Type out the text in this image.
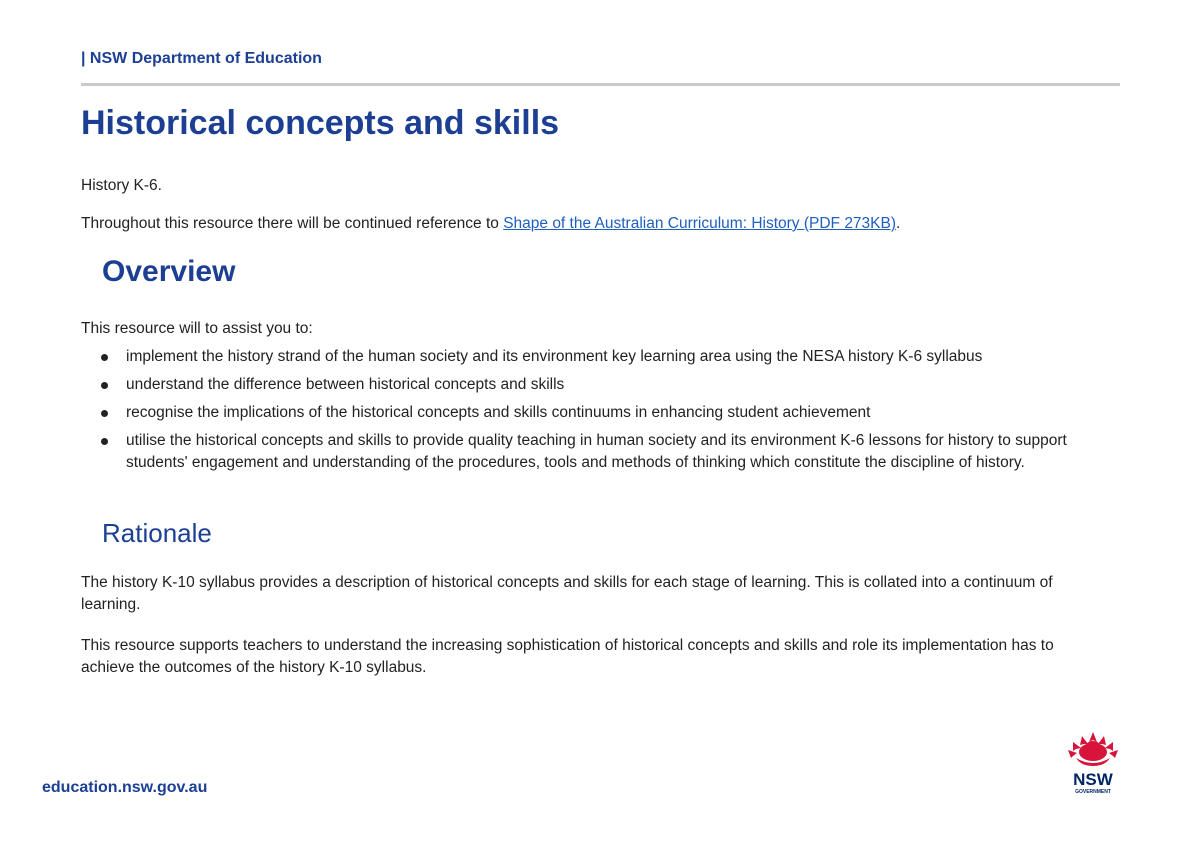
| NSW Department of Education
Historical concepts and skills

History K-6.

Throughout this resource there will be continued reference to Shape of the Australian Curriculum: History (PDF 273KB).

Overview

This resource will to assist you to:

implement the history strand of the human society and its environment key learning area using the NESA history K-6 syllabus
understand the difference between historical concepts and skills
recognise the implications of the historical concepts and skills continuums in enhancing student achievement
utilise the historical concepts and skills to provide quality teaching in human society and its environment K-6 lessons for history to support students' engagement and understanding of the procedures, tools and methods of thinking which constitute the discipline of history.
Rationale

The history K-10 syllabus provides a description of historical concepts and skills for each stage of learning. This is collated into a continuum of learning.

This resource supports teachers to understand the increasing sophistication of historical concepts and skills and role its implementation has to achieve the outcomes of the history K-10 syllabus.

education.nsw.gov.au	NSW
GOVERNMENT
